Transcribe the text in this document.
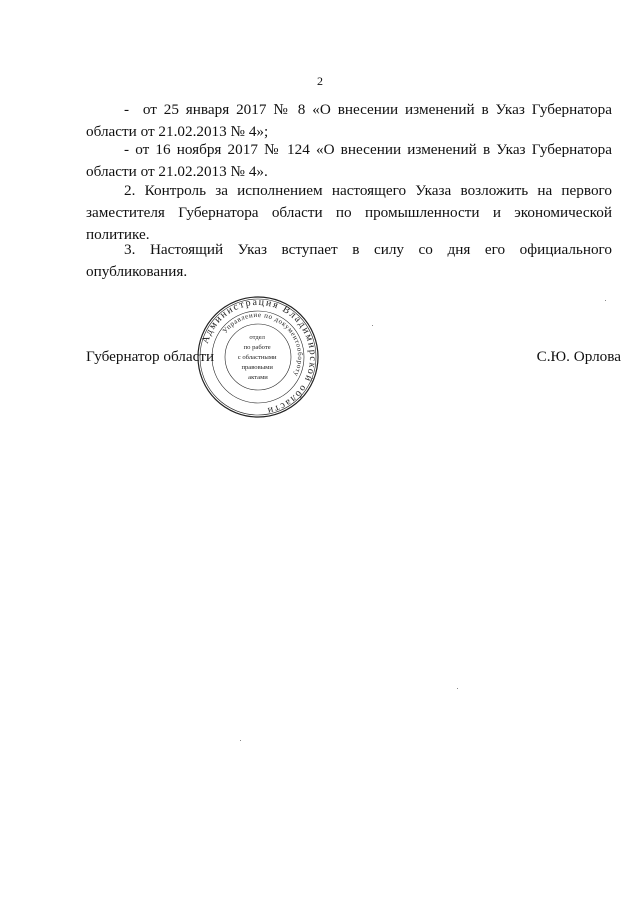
2

-  от 25 января 2017 № 8 «О внесении изменений в Указ Губернатора области от 21.02.2013 № 4»;

- от 16 ноября 2017 № 124 «О внесении изменений в Указ Губернатора области от 21.02.2013 № 4».

2. Контроль за исполнением настоящего Указа возложить на первого заместителя Губернатора области по промышленности и экономической политике.

3. Настоящий Указ вступает в силу со дня его официального опубликования.

Губернатор области	С.Ю. Орлова
Администрация Владимирской области
Управление по документообороту
отдел по работе с областными правовыми актами
